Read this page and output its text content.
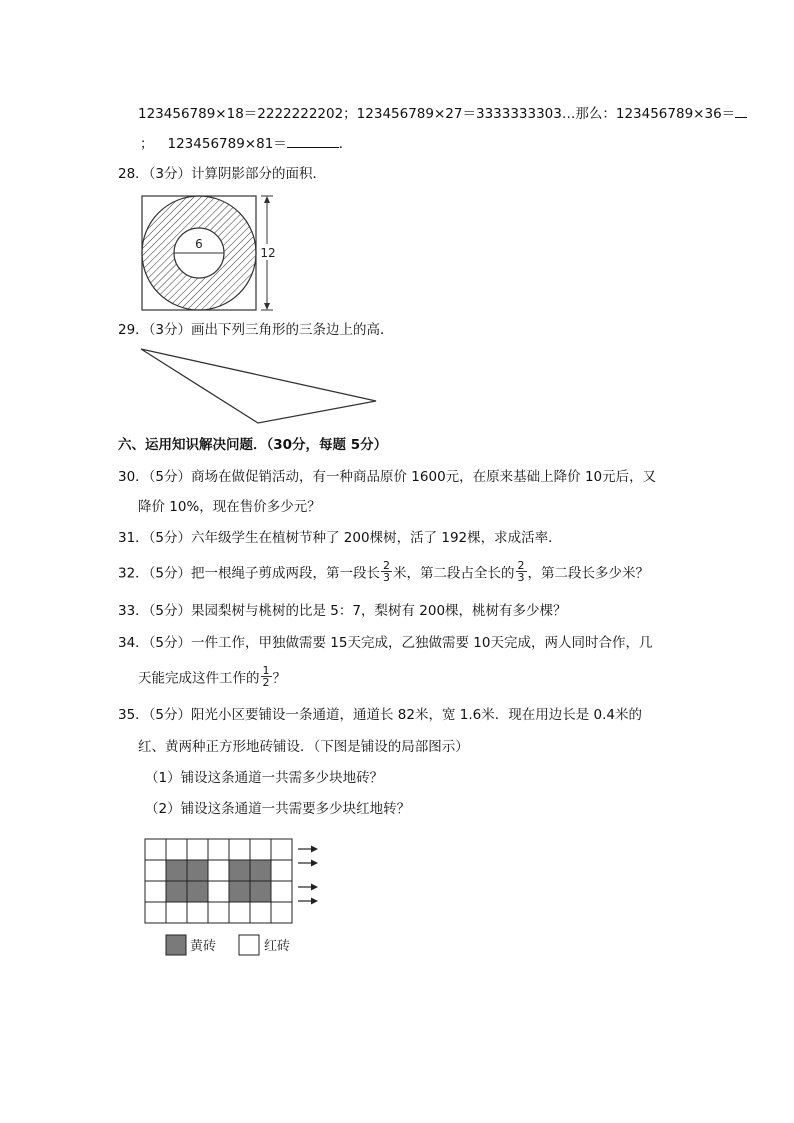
123456789×18＝2222222202；123456789×27＝3333333303…那么：123456789×36＝
； 123456789×81＝	．
28．（3分）计算阴影部分的面积．
6
12
29．（3分）画出下列三角形的三条边上的高．
六、运用知识解决问题．（30分，每题 5分）
30．（5分）商场在做促销活动，有一种商品原价 1600元，在原来基础上降价 10元后，又
降价 10%，现在售价多少元？
31．（5分）六年级学生在植树节种了 200棵树，活了 192棵，求成活率．
32．（5分）把一根绳子剪成两段，第一段长 $\frac{2}{3}$ 米，第二段占全长的 $\frac{2}{3}$ ，第二段长多少米？
33．（5分）果园梨树与桃树的比是 5：7，梨树有 200棵，桃树有多少棵？
34．（5分）一件工作，甲独做需要 15天完成，乙独做需要 10天完成，两人同时合作，几
天能完成这件工作的 $\frac{1}{2}$ ？
35．（5分）阳光小区要铺设一条通道，通道长 82米，宽 1.6米．现在用边长是 0.4米的
红、黄两种正方形地砖铺设．（下图是铺设的局部图示）
（1）铺设这条通道一共需多少块地砖？
（2）铺设这条通道一共需要多少块红地转？
黄砖	红砖
